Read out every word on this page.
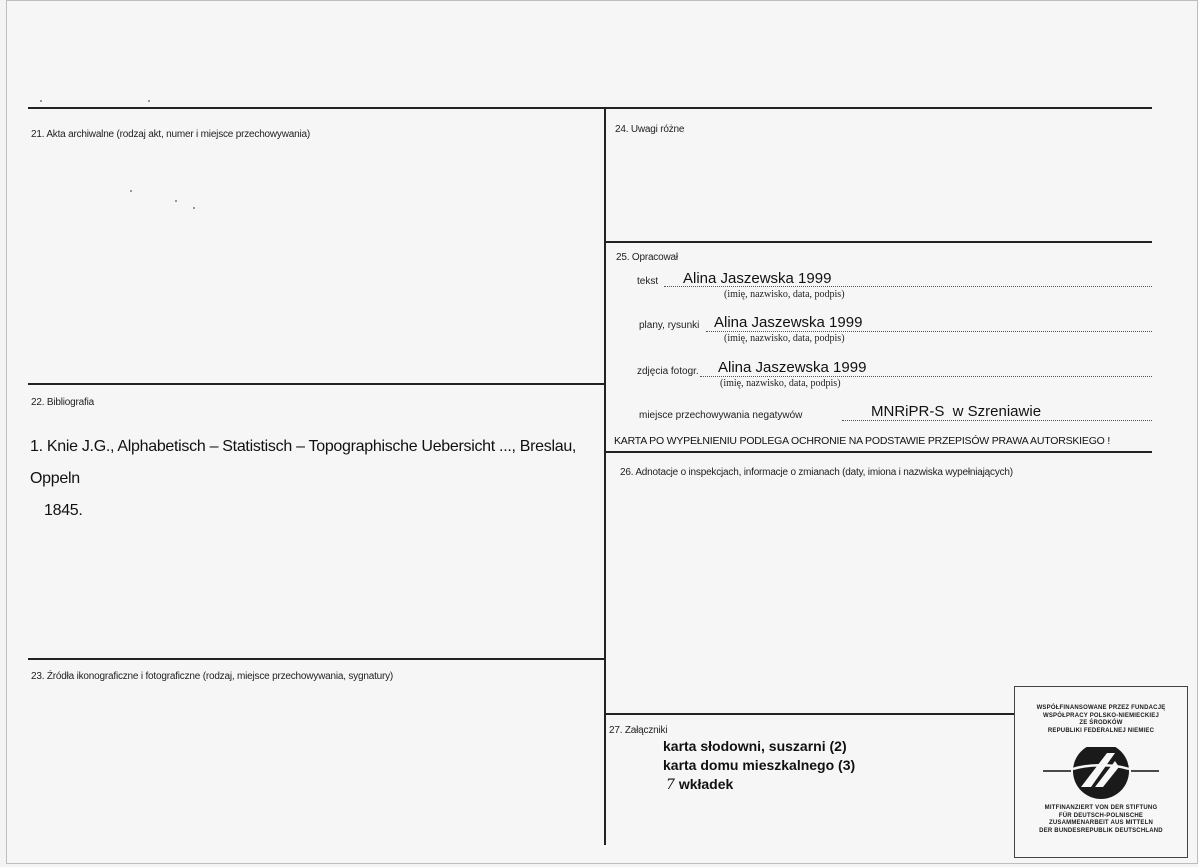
21. Akta archiwalne (rodzaj akt, numer i miejsce przechowywania)
22. Bibliografia
23. Źródła ikonograficzne i fotograficzne (rodzaj, miejsce przechowywania, sygnatury)
24. Uwagi różne
25. Opracował
26. Adnotacje o inspekcjach, informacje o zmianach (daty, imiona i nazwiska wypełniających)
27. Załączniki
1. Knie J.G., Alphabetisch – Statistisch – Topographische Uebersicht ..., Breslau, Oppeln
1845.
tekst Alina Jaszewska 1999
(imię, nazwisko, data, podpis)
plany, rysunki Alina Jaszewska 1999
(imię, nazwisko, data, podpis)
zdjęcia fotogr. Alina Jaszewska 1999
(imię, nazwisko, data, podpis)
miejsce przechowywania negatywów	MNRiPR-S  w Szreniawie
KARTA PO WYPEŁNIENIU PODLEGA OCHRONIE NA PODSTAWIE PRZEPISÓW PRAWA AUTORSKIEGO !
karta słodowni, suszarni (2)
karta domu mieszkalnego (3)
7 wkładek
WSPÓŁFINANSOWANE PRZEZ FUNDACJĘ
WSPÓŁPRACY POLSKO-NIEMIECKIEJ
ZE ŚRODKÓW
REPUBLIKI FEDERALNEJ NIEMIEC
MITFINANZIERT VON DER STIFTUNG
FÜR DEUTSCH-POLNISCHE
ZUSAMMENARBEIT AUS MITTELN
DER BUNDESREPUBLIK DEUTSCHLAND
